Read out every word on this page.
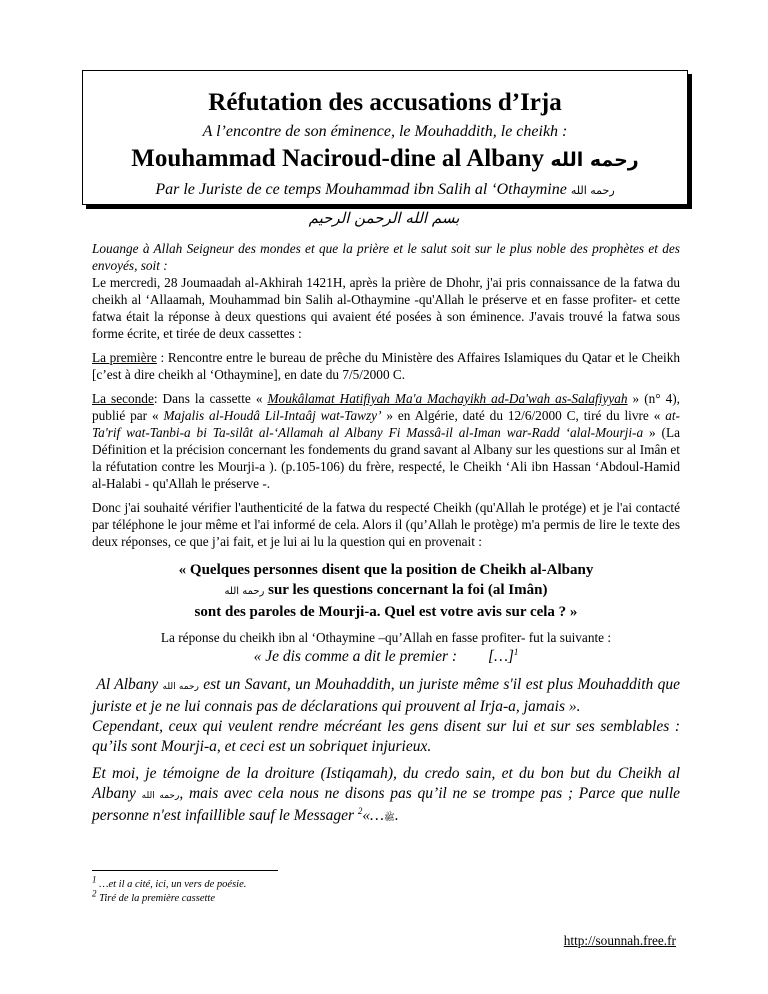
Réfutation des accusations d’Irja
A l’encontre de son éminence, le Mouhaddith, le cheikh :
Mouhammad Naciroud-dine al Albany رحمه الله
Par le Juriste de ce temps Mouhammad ibn Salih al ‘Othaymine رحمه الله
بسم الله الرحمن الرحيم

Louange à Allah Seigneur des mondes et que la prière et le salut soit sur le plus noble des prophètes et des envoyés, soit :

Le mercredi, 28 Joumaadah al-Akhirah 1421H, après la prière de Dhohr, j'ai pris connaissance de la fatwa du cheikh al ‘Allaamah, Mouhammad bin Salih al-Othaymine -qu'Allah le préserve et en fasse profiter- et cette fatwa était la réponse à deux questions qui avaient été posées à son éminence. J'avais trouvé la fatwa sous forme écrite, et tirée de deux cassettes :

La première : Rencontre entre le bureau de prêche du Ministère des Affaires Islamiques du Qatar et le Cheikh [c’est à dire cheikh al ‘Othaymine], en date du 7/5/2000 C.

La seconde: Dans la cassette « Moukâlamat Hatifiyah Ma'a Machayikh ad-Da'wah as-Salafiyyah » (n° 4), publié par « Majalis al-Houdâ Lil-Intaâj wat-Tawzy’ » en Algérie, daté du 12/6/2000 C, tiré du livre « at-Ta'rif wat-Tanbi-a bi Ta-silât al-‘Allamah al Albany Fi Massâ-il al-Iman war-Radd ‘alal-Mourji-a » (La Définition et la précision concernant les fondements du grand savant al Albany sur les questions sur al Imân et la réfutation contre les Mourji-a ). (p.105-106) du frère, respecté, le Cheikh ‘Ali ibn Hassan ‘Abdoul-Hamid al-Halabi - qu'Allah le préserve -.

Donc j'ai souhaité vérifier l'authenticité de la fatwa du respecté Cheikh (qu'Allah le protége) et je l'ai contacté par téléphone le jour même et l'ai informé de cela. Alors il (qu’Allah le protège) m'a permis de lire le texte des deux réponses, ce que j’ai fait, et je lui ai lu la question qui en provenait :

« Quelques personnes disent que la position de Cheikh al-Albany
رحمه الله sur les questions concernant la foi (al Imân)
sont des paroles de Mourji-a. Quel est votre avis sur cela ? »

La réponse du cheikh ibn al ‘Othaymine –qu’Allah en fasse profiter- fut la suivante :

« Je dis comme a dit le premier : […]$^1$

Al Albany رحمه الله est un Savant, un Mouhaddith, un juriste même s'il est plus Mouhaddith que juriste et je ne lui connais pas de déclarations qui prouvent al Irja-a, jamais ».

Cependant, ceux qui veulent rendre mécréant les gens disent sur lui et sur ses semblables : qu’ils sont Mourji-a, et ceci est un sobriquet injurieux.

Et moi, je témoigne de la droiture (Istiqamah), du credo sain, et du bon but du Cheikh al Albany رحمه الله, mais avec cela nous ne disons pas qu’il ne se trompe pas ; Parce que nulle personne n'est infaillible sauf le Messager	ﷺ…»$^2$ .

$^1$ …et il a cité, ici, un vers de poésie.
$^2$ Tiré de la première cassette
http://sounnah.free.fr
